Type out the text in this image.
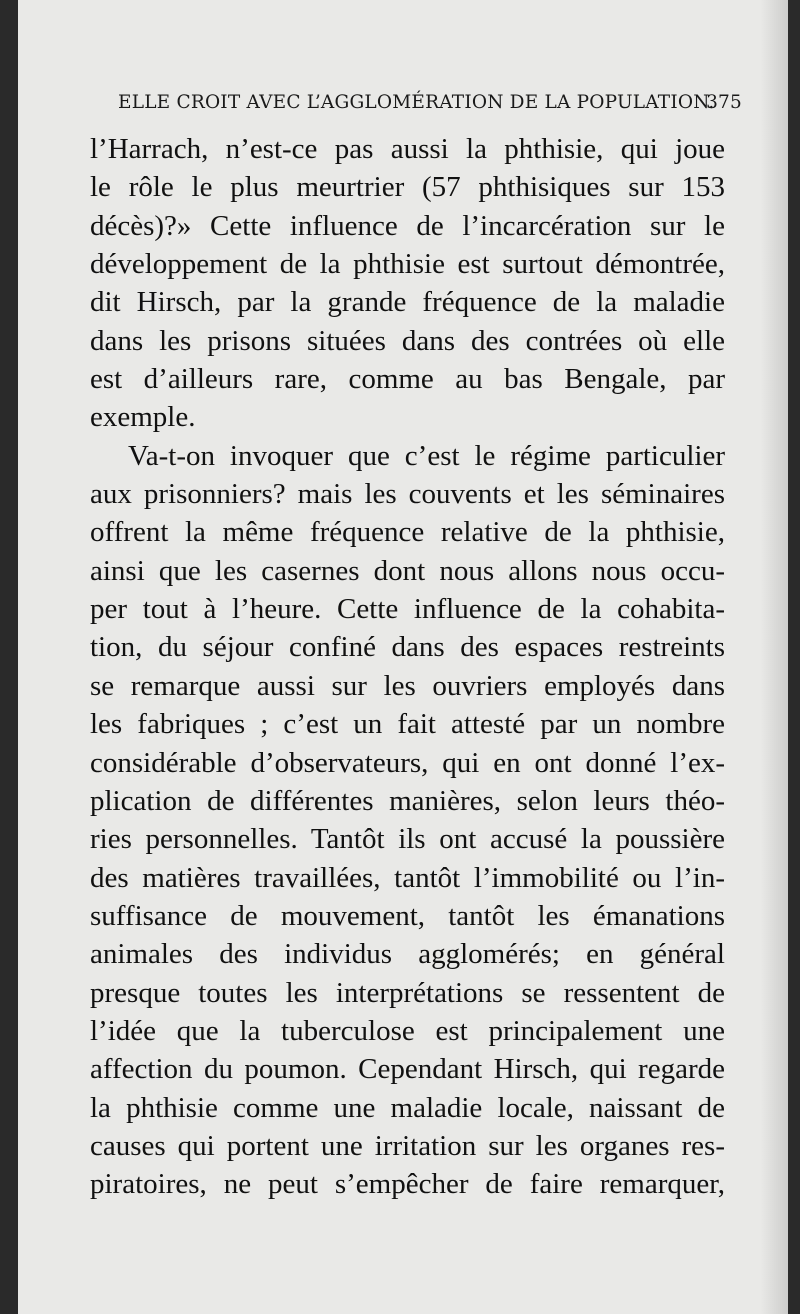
ELLE CROIT AVEC L’AGGLOMÉRATION DE LA POPULATION.
375
l’Harrach, n’est-ce pas aussi la phthisie, qui joue
le rôle le plus meurtrier (57 phthisiques sur 153
décès)?» Cette influence de l’incarcération sur le
développement de la phthisie est surtout démontrée,
dit Hirsch, par la grande fréquence de la maladie
dans les prisons situées dans des contrées où elle
est d’ailleurs rare, comme au bas Bengale, par
exemple.
Va-t-on invoquer que c’est le régime particulier
aux prisonniers? mais les couvents et les séminaires
offrent la même fréquence relative de la phthisie,
ainsi que les casernes dont nous allons nous occu-
per tout à l’heure. Cette influence de la cohabita-
tion, du séjour confiné dans des espaces restreints
se remarque aussi sur les ouvriers employés dans
les fabriques ; c’est un fait attesté par un nombre
considérable d’observateurs, qui en ont donné l’ex-
plication de différentes manières, selon leurs théo-
ries personnelles. Tantôt ils ont accusé la poussière
des matières travaillées, tantôt l’immobilité ou l’in-
suffisance de mouvement, tantôt les émanations
animales des individus agglomérés; en général
presque toutes les interprétations se ressentent de
l’idée que la tuberculose est principalement une
affection du poumon. Cependant Hirsch, qui regarde
la phthisie comme une maladie locale, naissant de
causes qui portent une irritation sur les organes res-
piratoires, ne peut s’empêcher de faire remarquer,
